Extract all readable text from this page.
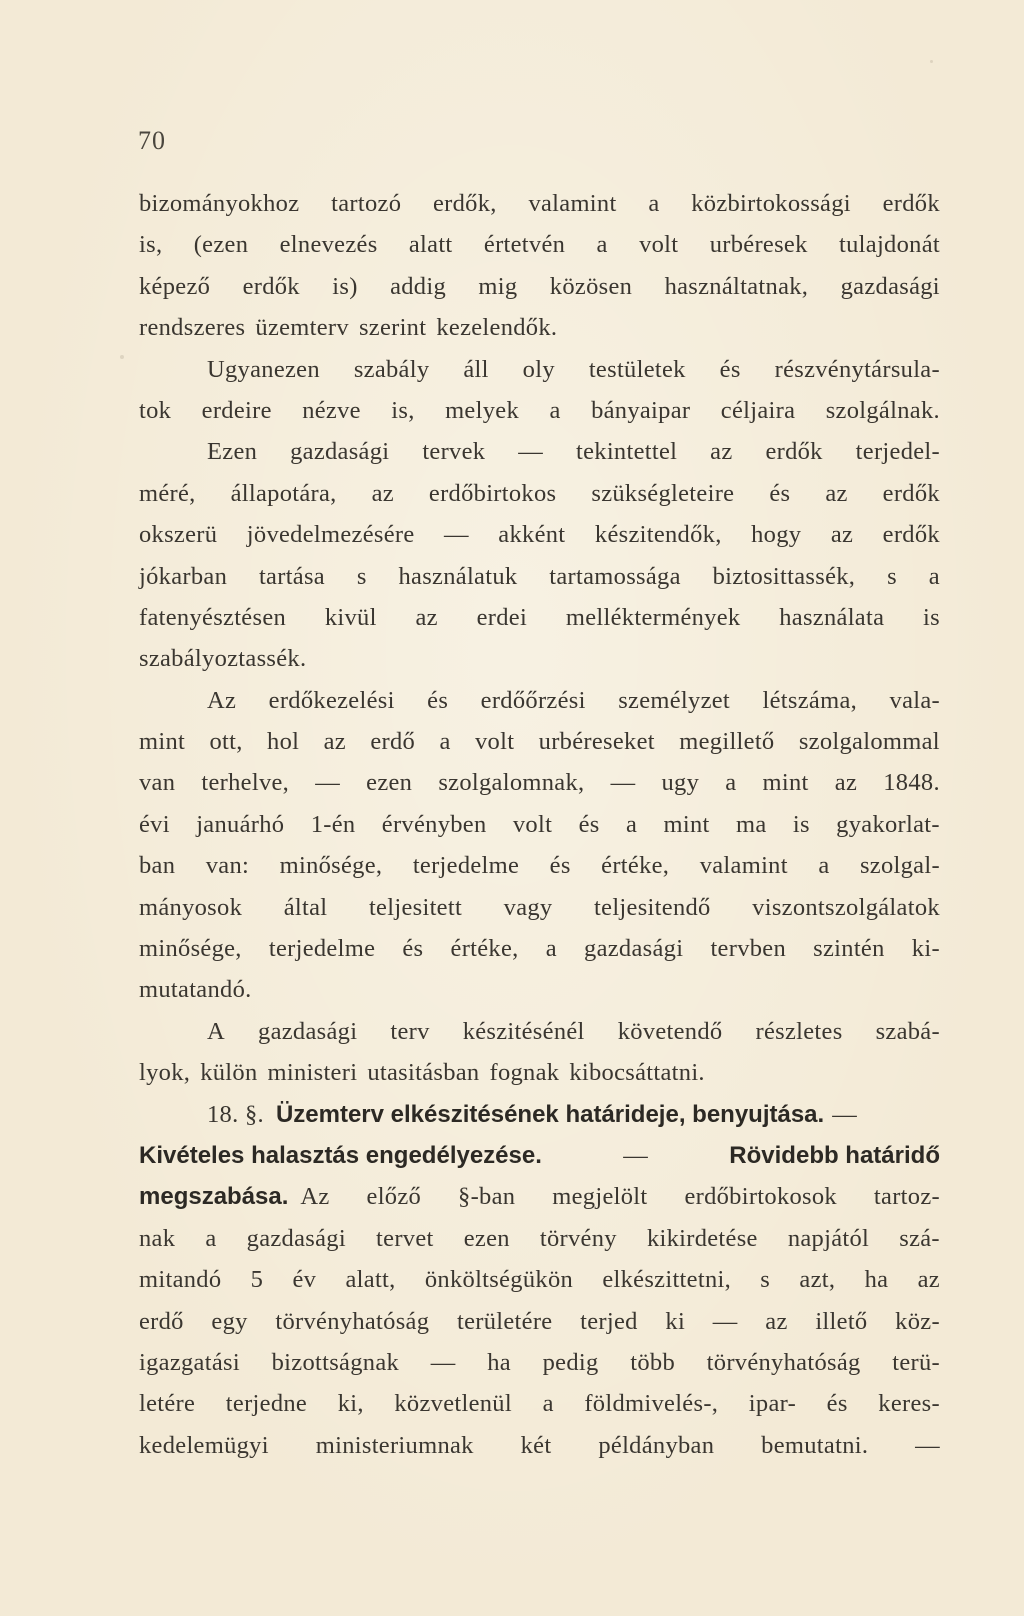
70
bizományokhoz tartozó erdők, valamint a közbirtokossági erdők
is, (ezen elnevezés alatt értetvén a volt urbéresek tulajdonát
képező erdők is) addig mig közösen használtatnak, gazdasági
rendszeres üzemterv szerint kezelendők.
Ugyanezen szabály áll oly testületek és részvénytársula-
tok erdeire nézve is, melyek a bányaipar céljaira szolgálnak.
Ezen gazdasági tervek — tekintettel az erdők terjedel-
méré, állapotára, az erdőbirtokos szükségleteire és az erdők
okszerü jövedelmezésére — akként készitendők, hogy az erdők
jókarban tartása s használatuk tartamossága biztosittassék, s a
fatenyésztésen kivül az erdei melléktermények használata is
szabályoztassék.
Az erdőkezelési és erdőőrzési személyzet létszáma, vala-
mint ott, hol az erdő a volt urbéreseket megillető szolgalommal
van terhelve, — ezen szolgalomnak, — ugy a mint az 1848.
évi januárhó 1-én érvényben volt és a mint ma is gyakorlat-
ban van: minősége, terjedelme és értéke, valamint a szolgal-
mányosok által teljesitett vagy teljesitendő viszontszolgálatok
minősége, terjedelme és értéke, a gazdasági tervben szintén ki-
mutatandó.
A gazdasági terv készitésénél követendő részletes szabá-
lyok, külön ministeri utasitásban fognak kibocsáttatni.
18. §. Üzemterv elkészitésének határideje, benyujtása. —
Kivételes halasztás engedélyezése.	—	Rövidebb határidő
megszabása. Az előző §-ban megjelölt erdőbirtokosok tartoz-
nak a gazdasági tervet ezen törvény kikirdetése napjától szá-
mitandó 5 év alatt, önköltségükön elkészittetni, s azt, ha az
erdő egy törvényhatóság területére terjed ki — az illető köz-
igazgatási bizottságnak — ha pedig több törvényhatóság terü-
letére terjedne ki, közvetlenül a földmivelés-, ipar- és keres-
kedelemügyi ministeriumnak két példányban bemutatni. —
